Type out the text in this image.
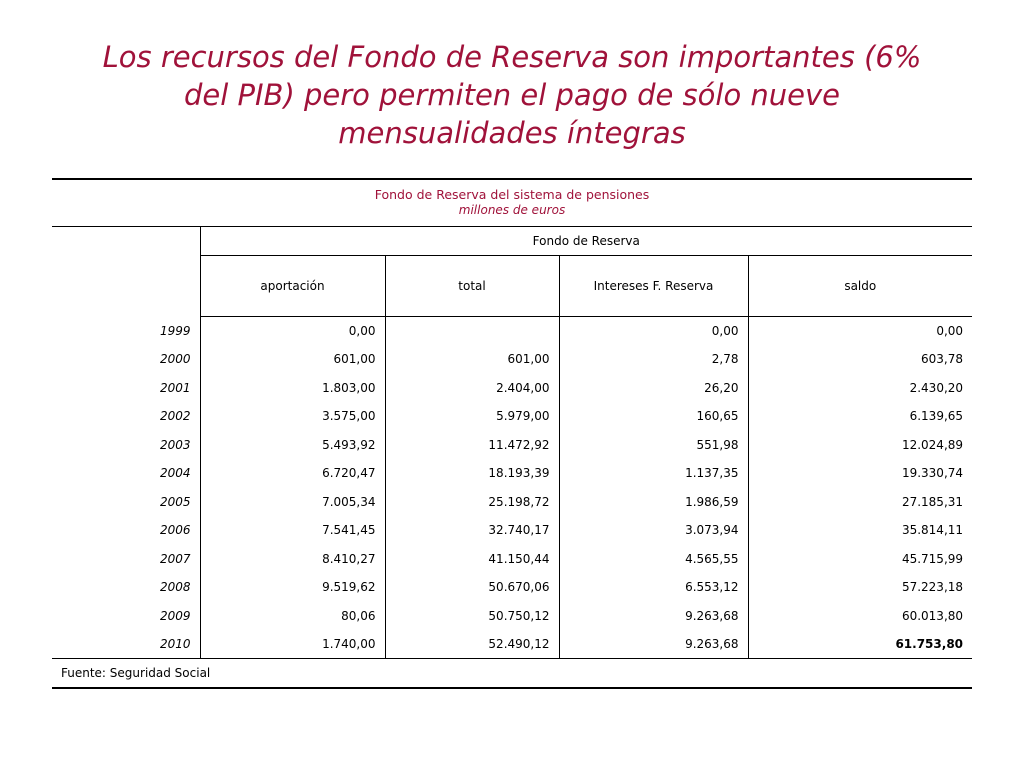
Los recursos del Fondo de Reserva son importantes (6%
del PIB) pero permiten el pago de sólo nueve
mensualidades íntegras
Fondo de Reserva del sistema de pensiones
millones de euros
	Fondo de Reserva			
	aportación	total	Intereses F. Reserva	saldo
1999	0,00		0,00	0,00
2000	601,00	601,00	2,78	603,78
2001	1.803,00	2.404,00	26,20	2.430,20
2002	3.575,00	5.979,00	160,65	6.139,65
2003	5.493,92	11.472,92	551,98	12.024,89
2004	6.720,47	18.193,39	1.137,35	19.330,74
2005	7.005,34	25.198,72	1.986,59	27.185,31
2006	7.541,45	32.740,17	3.073,94	35.814,11
2007	8.410,27	41.150,44	4.565,55	45.715,99
2008	9.519,62	50.670,06	6.553,12	57.223,18
2009	80,06	50.750,12	9.263,68	60.013,80
2010	1.740,00	52.490,12	9.263,68	61.753,80
Fuente: Seguridad Social
